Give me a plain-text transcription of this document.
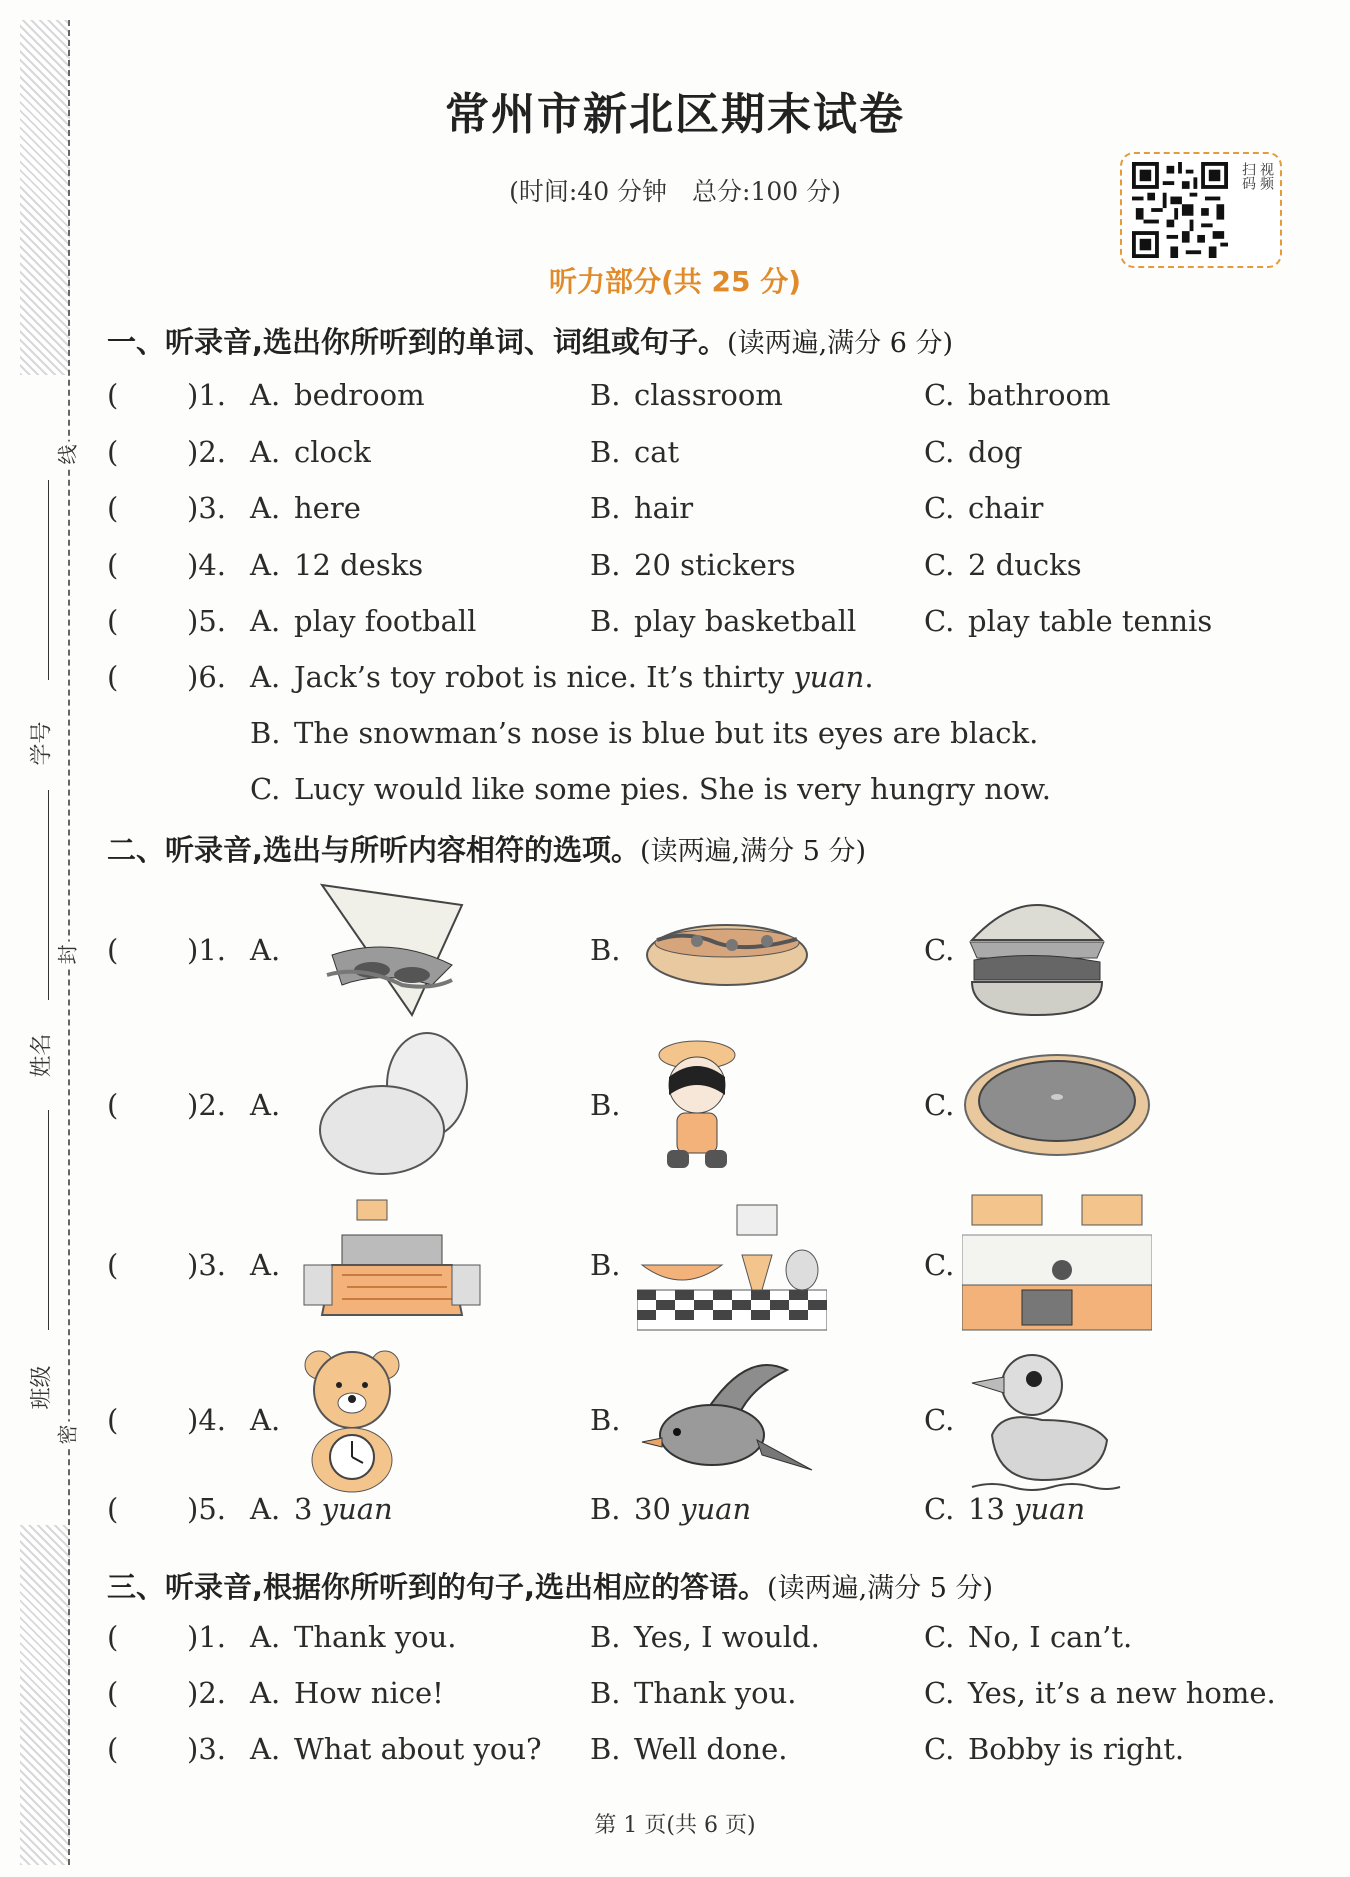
线
封
密
学号
姓名
班级
常州市新北区期末试卷
(时间:40 分钟　总分:100 分)
视频
扫码
听力部分(共 25 分)
一、听录音,选出你所听到的单词、词组或句子。(读两遍,满分 6 分)
( )1. A. bedroom	B. classroom	C. bathroom
( )2. A. clock	B. cat	C. dog
( )3. A. here	B. hair	C. chair
( )4. A. 12 desks	B. 20 stickers	C. 2 ducks
( )5. A. play football	B. play basketball C. play table tennis
( )6. A. Jack’s toy robot is nice. It’s thirty yuan.
B. The snowman’s nose is blue but its eyes are black.
C. Lucy would like some pies. She is very hungry now.
二、听录音,选出与所听内容相符的选项。(读两遍,满分 5 分)
( )1. A.	B.	C.
( )2. A.	B.	C.
( )3. A.	B.	C.
( )4. A.	B.	C.
( )5. A. 3 yuan	B. 30 yuan	C. 13 yuan
三、听录音,根据你所听到的句子,选出相应的答语。(读两遍,满分 5 分)
( )1. A. Thank you.	B. Yes, I would.	C. No, I can’t.
( )2. A. How nice!	B. Thank you.	C. Yes, it’s a new home.
( )3. A. What about you? B. Well done.	C. Bobby is right.
第 1 页(共 6 页)
